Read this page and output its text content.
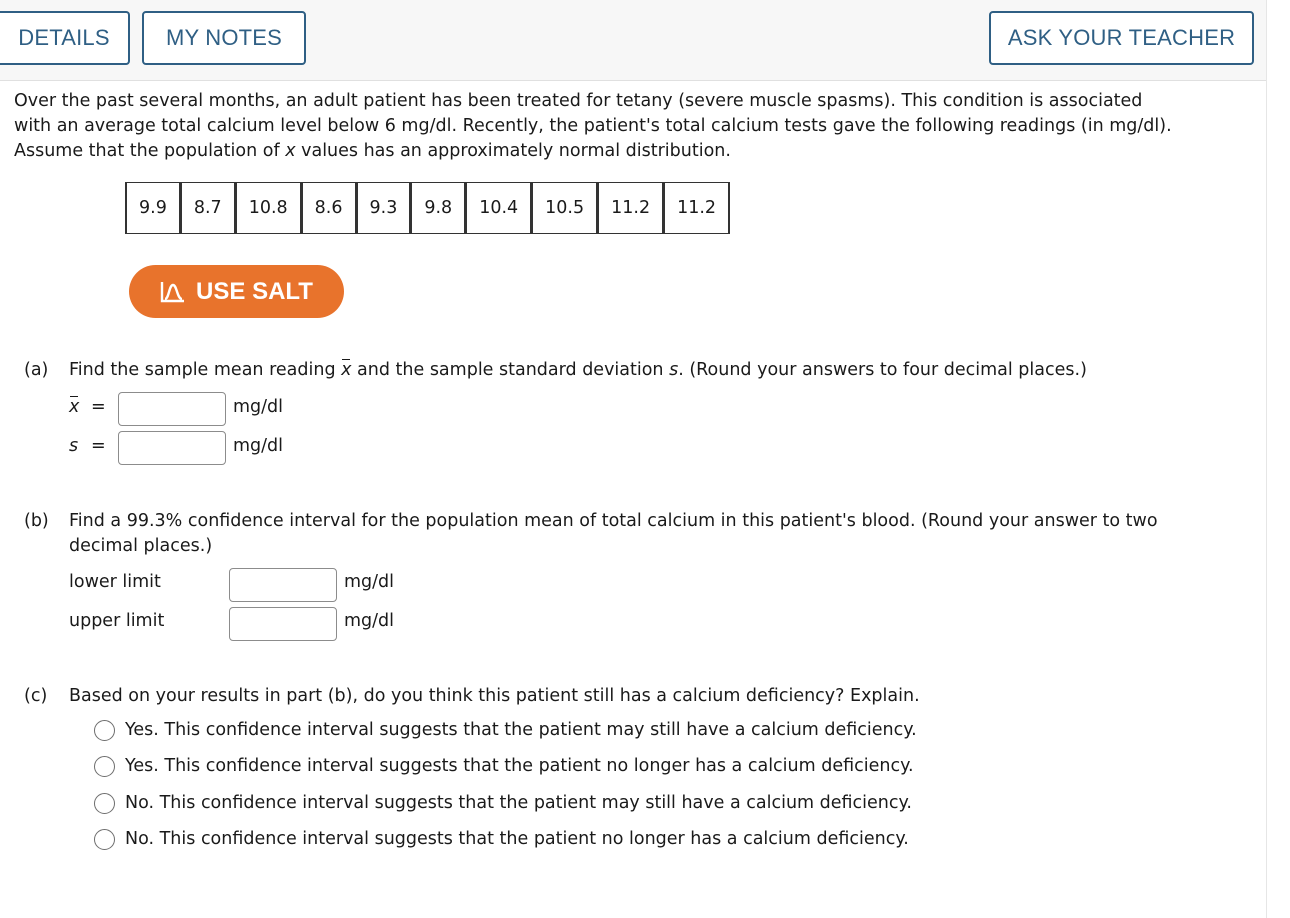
DETAILS	MY NOTES	ASK YOUR TEACHER
Over the past several months, an adult patient has been treated for tetany (severe muscle spasms). This condition is associated
with an average total calcium level below 6 mg/dl. Recently, the patient's total calcium tests gave the following readings (in mg/dl).
Assume that the population of x values has an approximately normal distribution.
9.9	8.7	10.8	8.6	9.3	9.8	10.4	10.5	11.2	11.2
USE SALT
(a) Find the sample mean reading x and the sample standard deviation s. (Round your answers to four decimal places.)
x =	mg/dl
s =	mg/dl
(b) Find a 99.3% confidence interval for the population mean of total calcium in this patient's blood. (Round your answer to two
decimal places.)
lower limit	mg/dl
upper limit	mg/dl
(c) Based on your results in part (b), do you think this patient still has a calcium deficiency? Explain.
Yes. This confidence interval suggests that the patient may still have a calcium deficiency.
Yes. This confidence interval suggests that the patient no longer has a calcium deficiency.
No. This confidence interval suggests that the patient may still have a calcium deficiency.
No. This confidence interval suggests that the patient no longer has a calcium deficiency.
